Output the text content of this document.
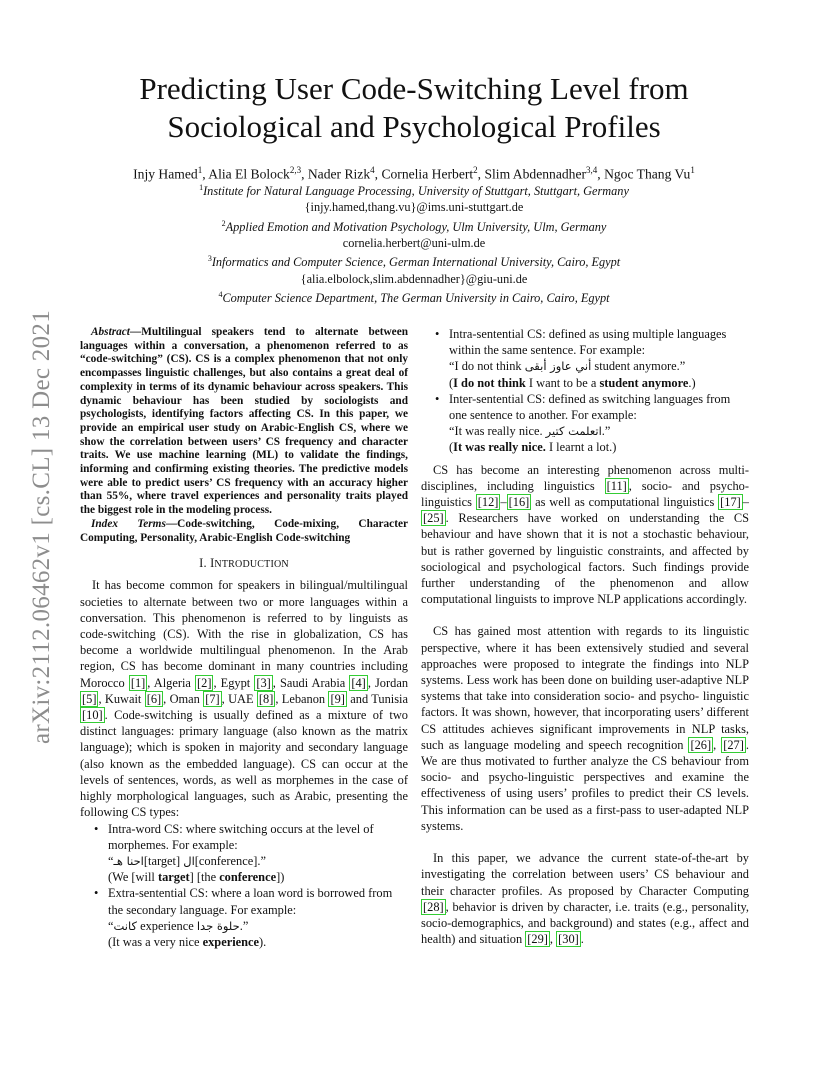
arXiv:2112.06462v1 [cs.CL] 13 Dec 2021
Predicting User Code-Switching Level from
Sociological and Psychological Profiles
Injy Hamed$^1$, Alia El Bolock$^{2,3}$, Nader Rizk$^4$, Cornelia Herbert$^2$, Slim Abdennadher$^{3,4}$, Ngoc Thang Vu$^1$
$^1$Institute for Natural Language Processing, University of Stuttgart, Stuttgart, Germany
{injy.hamed,thang.vu}@ims.uni-stuttgart.de
$^2$Applied Emotion and Motivation Psychology, Ulm University, Ulm, Germany
cornelia.herbert@uni-ulm.de
$^3$Informatics and Computer Science, German International University, Cairo, Egypt
{alia.elbolock,slim.abdennadher}@giu-uni.de
$^4$Computer Science Department, The German University in Cairo, Cairo, Egypt

Abstract—Multilingual speakers tend to alternate between languages within a conversation, a phenomenon referred to as “code-switching” (CS). CS is a complex phenomenon that not only encompasses linguistic challenges, but also contains a great deal of complexity in terms of its dynamic behaviour across speakers. This dynamic behaviour has been studied by sociologists and psychologists, identifying factors affecting CS. In this paper, we provide an empirical user study on Arabic-English CS, where we show the correlation between users’ CS frequency and character traits. We use machine learning (ML) to validate the findings, informing and confirming existing theories. The predictive models were able to predict users’ CS frequency with an accuracy higher than 55%, where travel experiences and personality traits played the biggest role in the modeling process.

Index Terms—Code-switching, Code-mixing, Character Computing, Personality, Arabic-English Code-switching

I. INTRODUCTION

It has become common for speakers in bilingual/multilingual societies to alternate between two or more languages within a conversation. This phenomenon is referred to by linguists as code-switching (CS). With the rise in globalization, CS has become a worldwide multilingual phenomenon. In the Arab region, CS has become dominant in many countries including Morocco [1] , Algeria [2] , Egypt [3] , Saudi Arabia [4] , Jordan [5] , Kuwait [6] , Oman [7] , UAE [8] , Lebanon [9] and Tunisia [10] . Code-switching is usually defined as a mixture of two distinct languages: primary language (also known as the matrix language); which is spoken in majority and secondary language (also known as the embedded language). CS can occur at the levels of sentences, words, as well as morphemes in the case of highly morphological languages, such as Arabic, presenting the following CS types:

• Intra-word CS: where switching occurs at the level of morphemes. For example:
“احنا هـ[target] ال[conference].”
(We [will target] [the conference])
• Extra-sentential CS: where a loan word is borrowed from the secondary language. For example:
“كانت experience حلوة جدا.”
(It was a very nice experience).
• Intra-sentential CS: defined as using multiple languages within the same sentence. For example:
“I do not think أني عاوز أبقى student anymore.”
(I do not think I want to be a student anymore.)
• Inter-sentential CS: defined as switching languages from one sentence to another. For example:
“It was really nice. اتعلمت كتير.”
(It was really nice. I learnt a lot.)

CS has become an interesting phenomenon across multi-disciplines, including linguistics [11] , socio- and psycho-linguistics [12] – [16] as well as computational linguistics [17] –[25] . Researchers have worked on understanding the CS behaviour and have shown that it is not a stochastic behaviour, but is rather governed by linguistic constraints, and affected by sociological and psychological factors. Such findings provide further understanding of the phenomenon and allow computational linguists to improve NLP applications accordingly.

CS has gained most attention with regards to its linguistic perspective, where it has been extensively studied and several approaches were proposed to integrate the findings into NLP systems. Less work has been done on building user-adaptive NLP systems that take into consideration socio- and psycho- linguistic factors. It was shown, however, that incorporating users’ different CS attitudes achieves significant improvements in NLP tasks, such as language modeling and speech recognition [26] , [27] . We are thus motivated to further analyze the CS behaviour from socio- and psycho-linguistic perspectives and examine the effectiveness of using users’ profiles to predict their CS levels. This information can be used as a first-pass to user-adapted NLP systems.

In this paper, we advance the current state-of-the-art by investigating the correlation between users’ CS behaviour and their character profiles. As proposed by Character Computing [28] , behavior is driven by character, i.e. traits (e.g., personality, socio-demographics, and background) and states (e.g., affect and health) and situation [29] , [30] .
